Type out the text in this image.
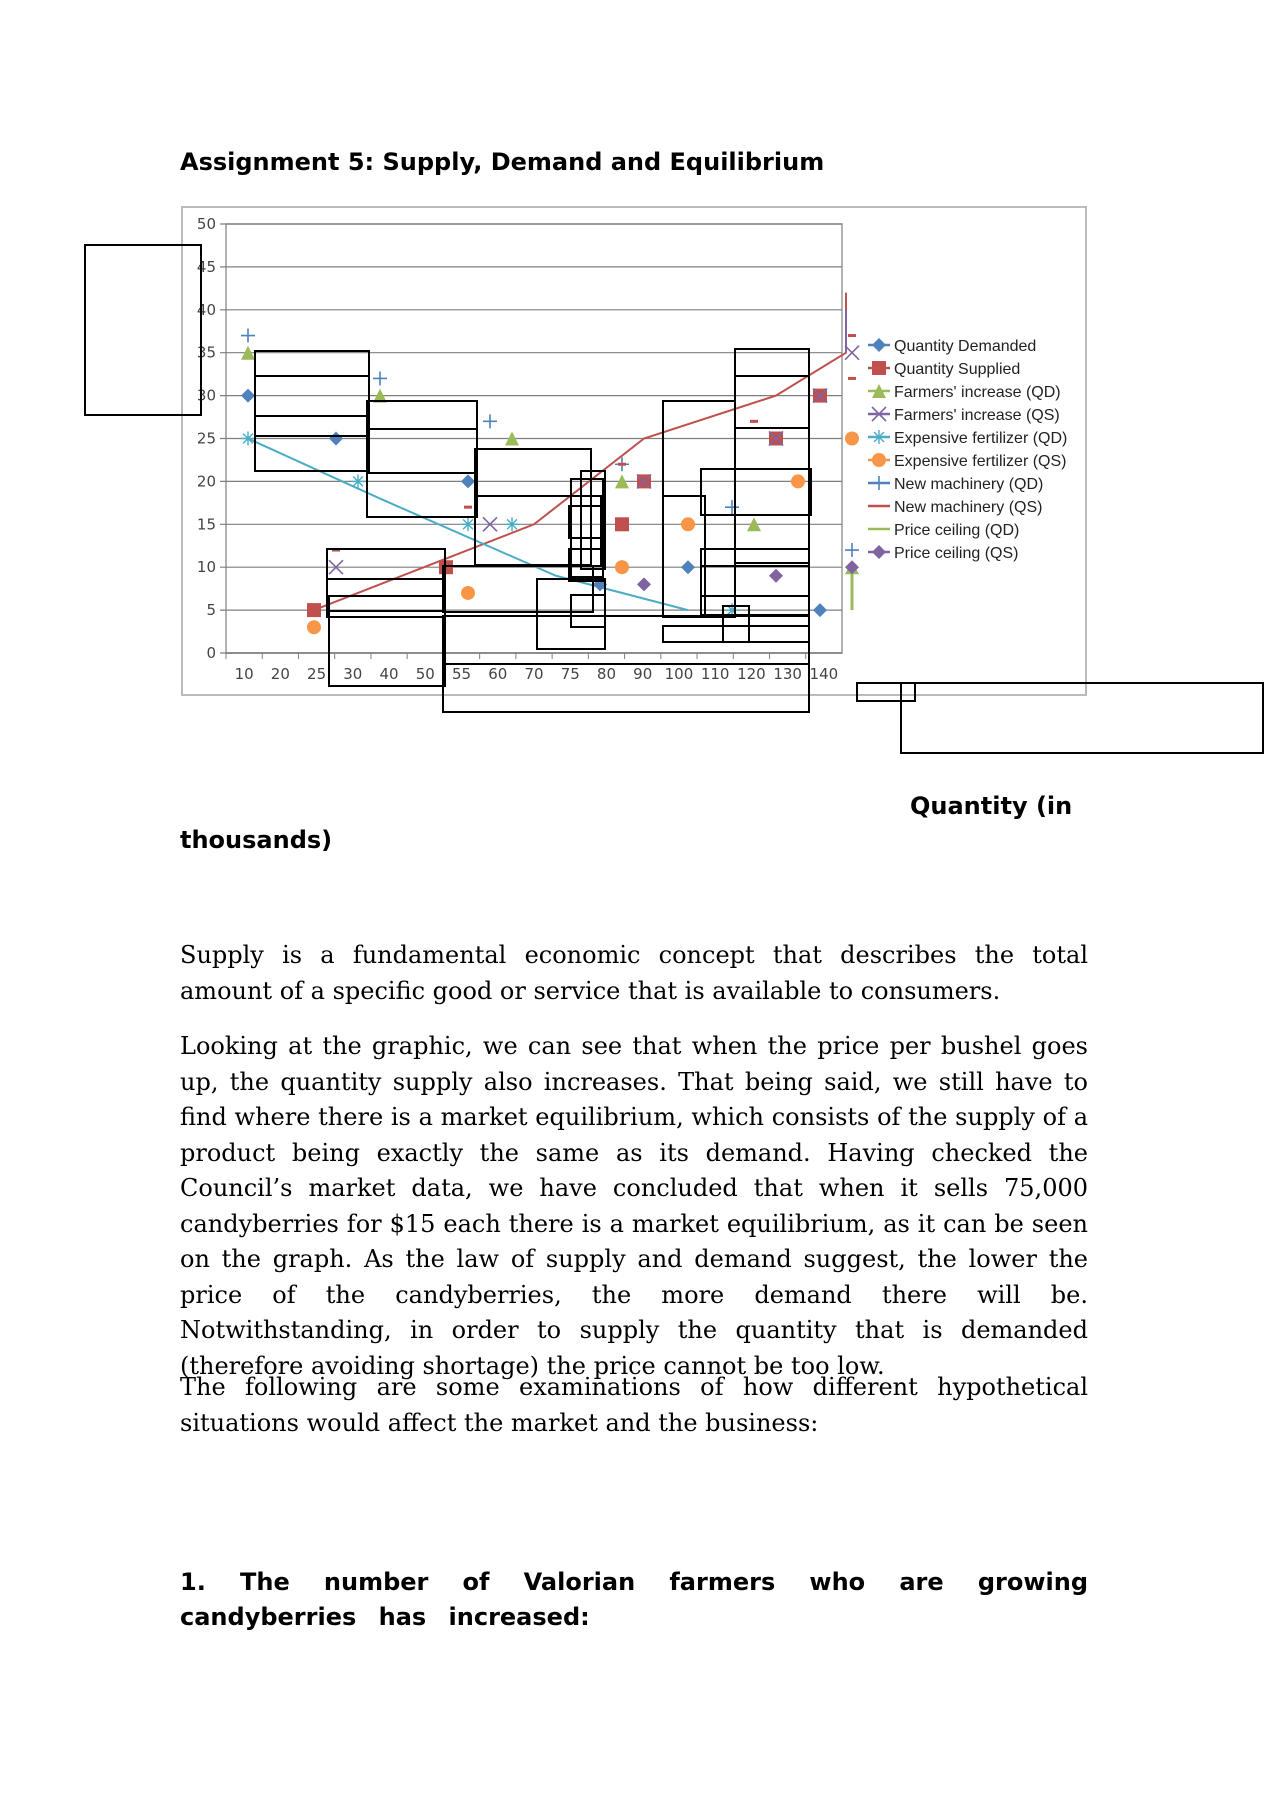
Assignment 5: Supply, Demand and Equilibrium
0
5
10
15
20
25
30
35
40
45
50
10 20 25 30 40 50 55 60 70 75 80 90 100 110 120 130 140
Quantity Demanded
Quantity Supplied
Farmers' increase (QD)
Farmers' increase (QS)
Expensive fertilizer (QD)
Expensive fertilizer (QS)
New machinery (QD)
New machinery (QS)
Price ceiling (QD)
Price ceiling (QS)
Quantity (in
thousands)

Supply is a fundamental economic concept that describes the total amount of a specific good or service that is available to consumers.

Looking at the graphic, we can see that when the price per bushel goes up, the quantity supply also increases. That being said, we still have to find where there is a market equilibrium, which consists of the supply of a product being exactly the same as its demand. Having checked the Council’s market data, we have concluded that when it sells 75,000 candyberries for $15 each there is a market equilibrium, as it can be seen on the graph. As the law of supply and demand suggest, the lower the price of the candyberries, the more demand there will be. Notwithstanding, in order to supply the quantity that is demanded (therefore avoiding shortage) the price cannot be too low.

The following are some examinations of how different hypothetical situations would affect the market and the business:

1. The number of Valorian farmers who are growing candyberries has increased:
